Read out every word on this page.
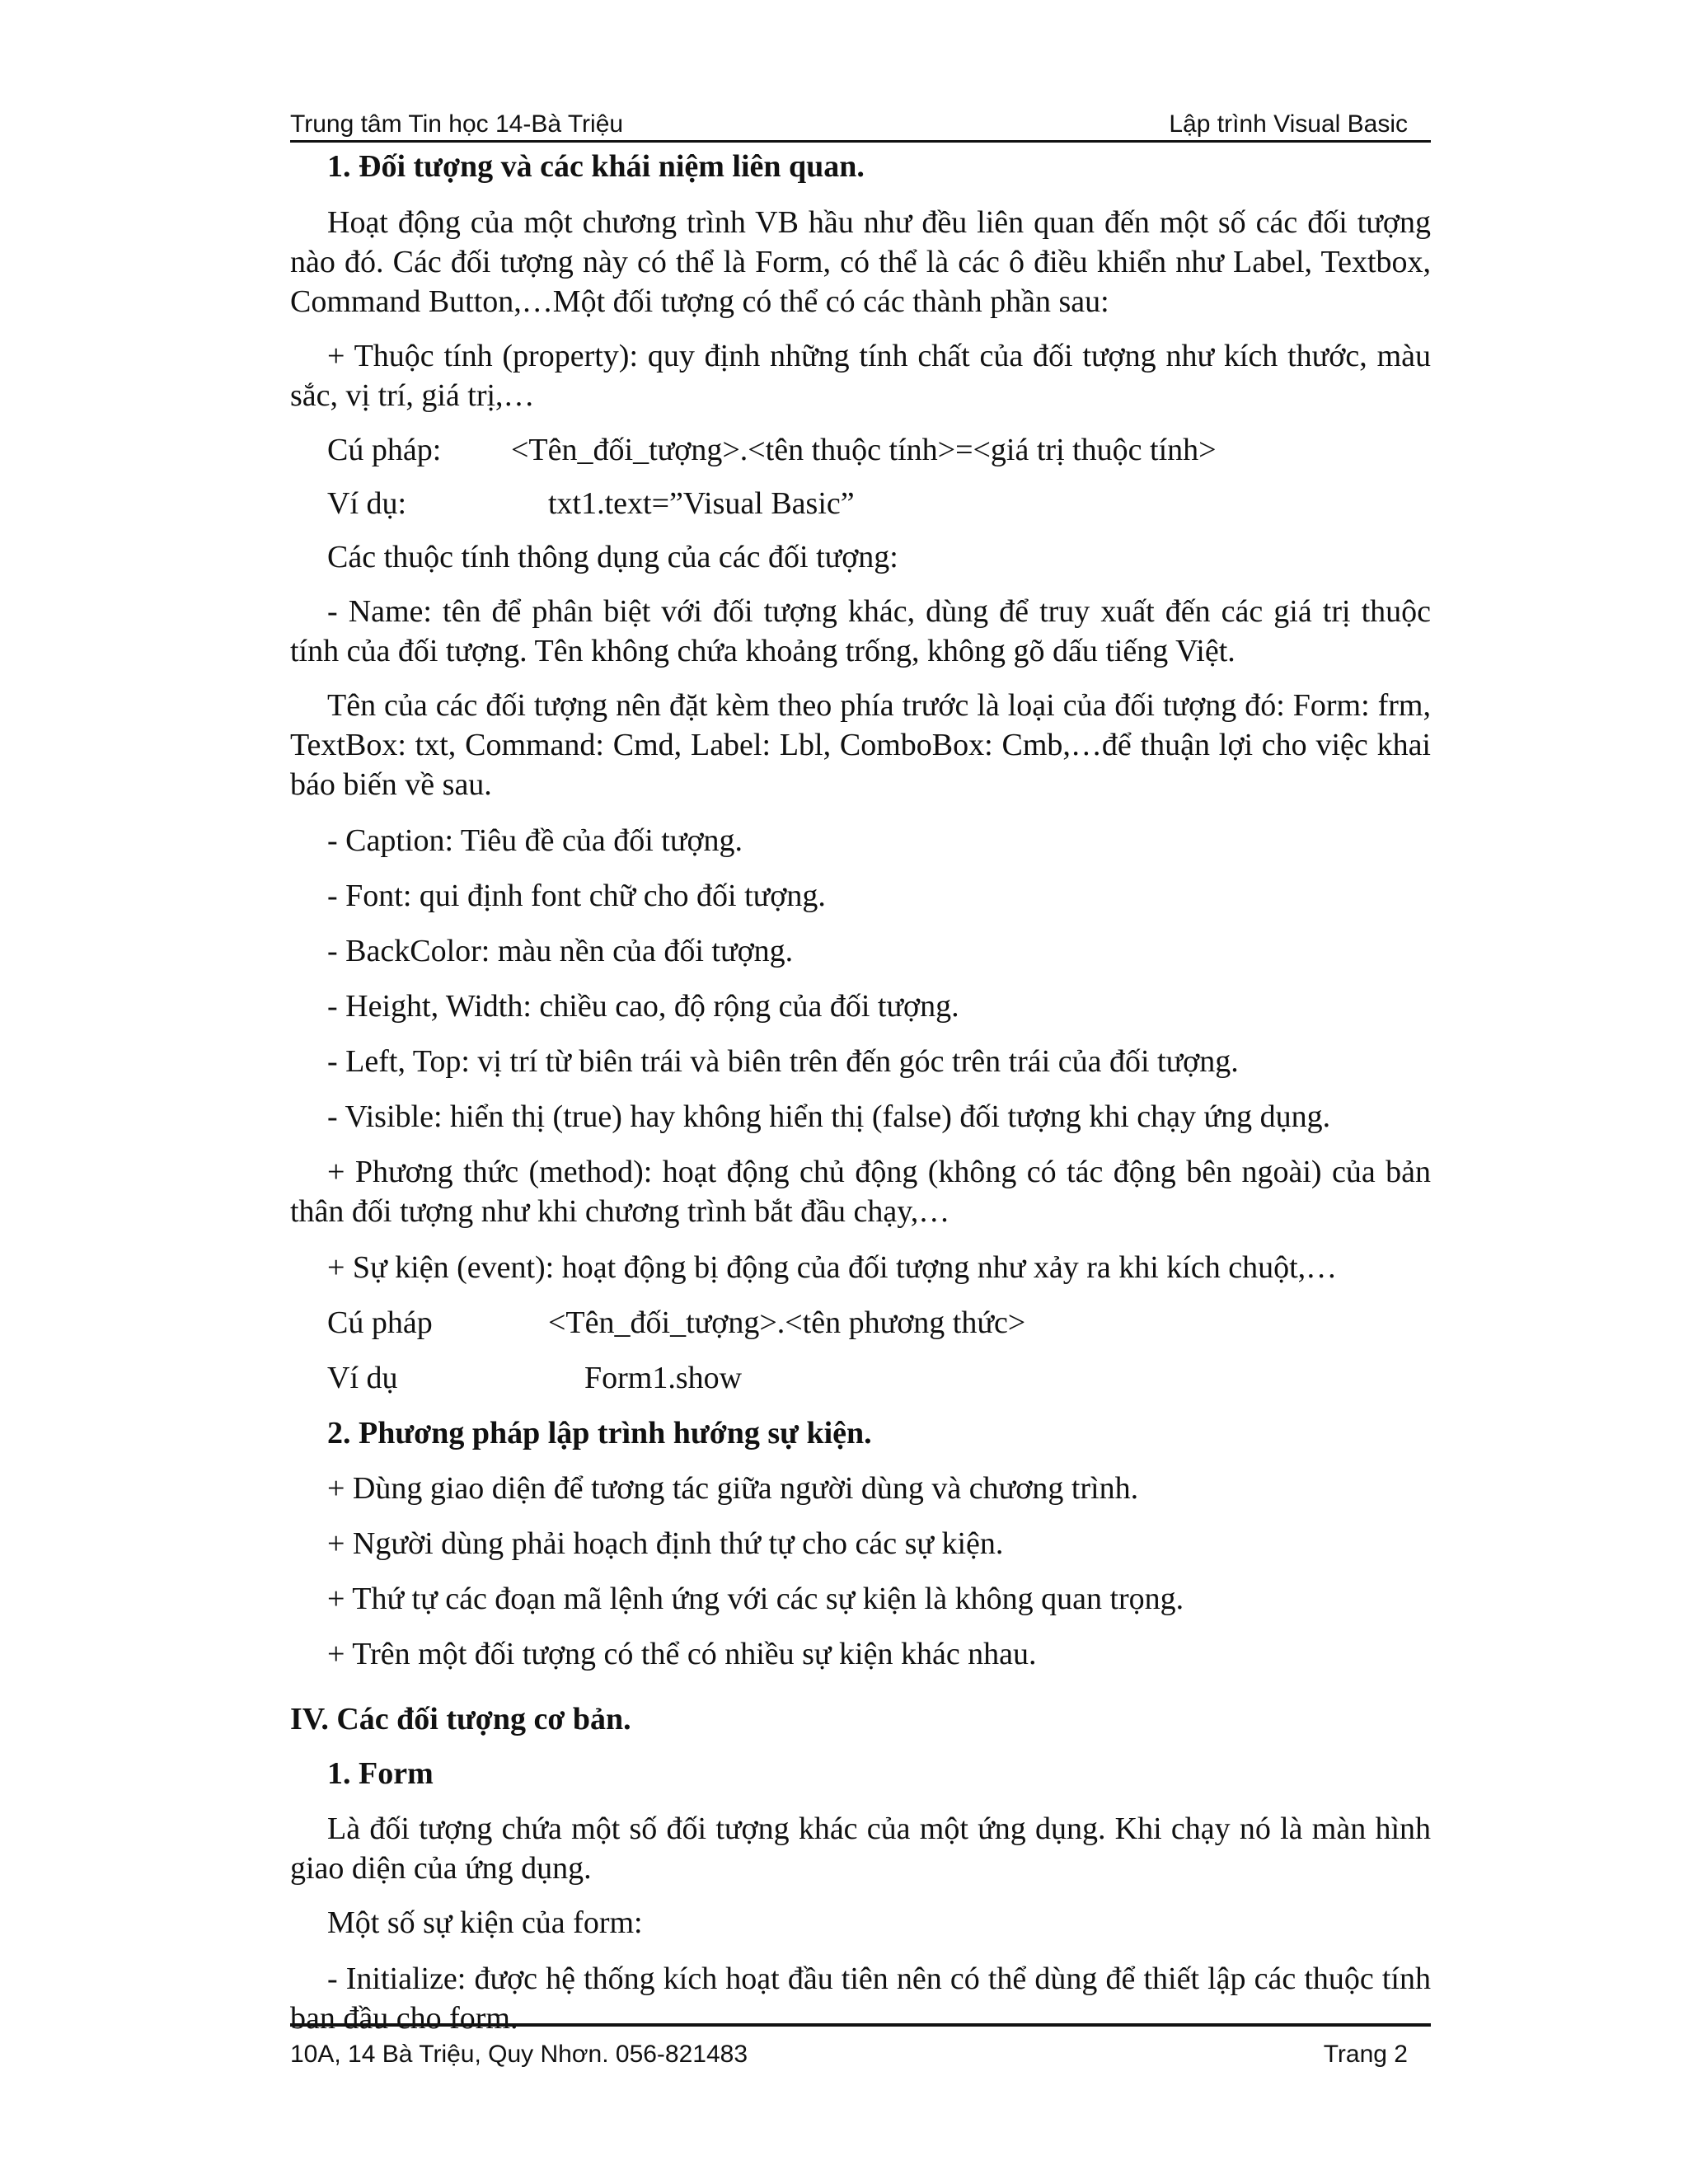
Trung tâm Tin học 14-Bà Triệu	Lập trình Visual Basic

1. Đối tượng và các khái niệm liên quan.

Hoạt động của một chương trình VB hầu như đều liên quan đến một số các đối tượng nào đó. Các đối tượng này có thể là Form, có thể là các ô điều khiển như Label, Textbox, Command Button,…Một đối tượng có thể có các thành phần sau:

+ Thuộc tính (property): quy định những tính chất của đối tượng như kích thước, màu sắc, vị trí, giá trị,…

Cú pháp: <Tên_đối_tượng>.<tên thuộc tính>=<giá trị thuộc tính>
Ví dụ:	txt1.text=”Visual Basic”

Các thuộc tính thông dụng của các đối tượng:

- Name: tên để phân biệt với đối tượng khác, dùng để truy xuất đến các giá trị thuộc tính của đối tượng. Tên không chứa khoảng trống, không gõ dấu tiếng Việt.

Tên của các đối tượng nên đặt kèm theo phía trước là loại của đối tượng đó: Form: frm, TextBox: txt, Command: Cmd, Label: Lbl, ComboBox: Cmb,…để thuận lợi cho việc khai báo biến về sau.

- Caption: Tiêu đề của đối tượng.

- Font: qui định font chữ cho đối tượng.

- BackColor: màu nền của đối tượng.

- Height, Width: chiều cao, độ rộng của đối tượng.

- Left, Top: vị trí từ biên trái và biên trên đến góc trên trái của đối tượng.

- Visible: hiển thị (true) hay không hiển thị (false) đối tượng khi chạy ứng dụng.

+ Phương thức (method): hoạt động chủ động (không có tác động bên ngoài) của bản thân đối tượng như khi chương trình bắt đầu chạy,…

+ Sự kiện (event): hoạt động bị động của đối tượng như xảy ra khi kích chuột,…

Cú pháp	<Tên_đối_tượng>.<tên phương thức>
Ví dụ	Form1.show

2. Phương pháp lập trình hướng sự kiện.

+ Dùng giao diện để tương tác giữa người dùng và chương trình.

+ Người dùng phải hoạch định thứ tự cho các sự kiện.

+ Thứ tự các đoạn mã lệnh ứng với các sự kiện là không quan trọng.

+ Trên một đối tượng có thể có nhiều sự kiện khác nhau.

IV. Các đối tượng cơ bản.

1. Form

Là đối tượng chứa một số đối tượng khác của một ứng dụng. Khi chạy nó là màn hình giao diện của ứng dụng.

Một số sự kiện của form:

- Initialize: được hệ thống kích hoạt đầu tiên nên có thể dùng để thiết lập các thuộc tính ban đầu cho form.

10A, 14 Bà Triệu, Quy Nhơn. 056-821483	Trang 2
